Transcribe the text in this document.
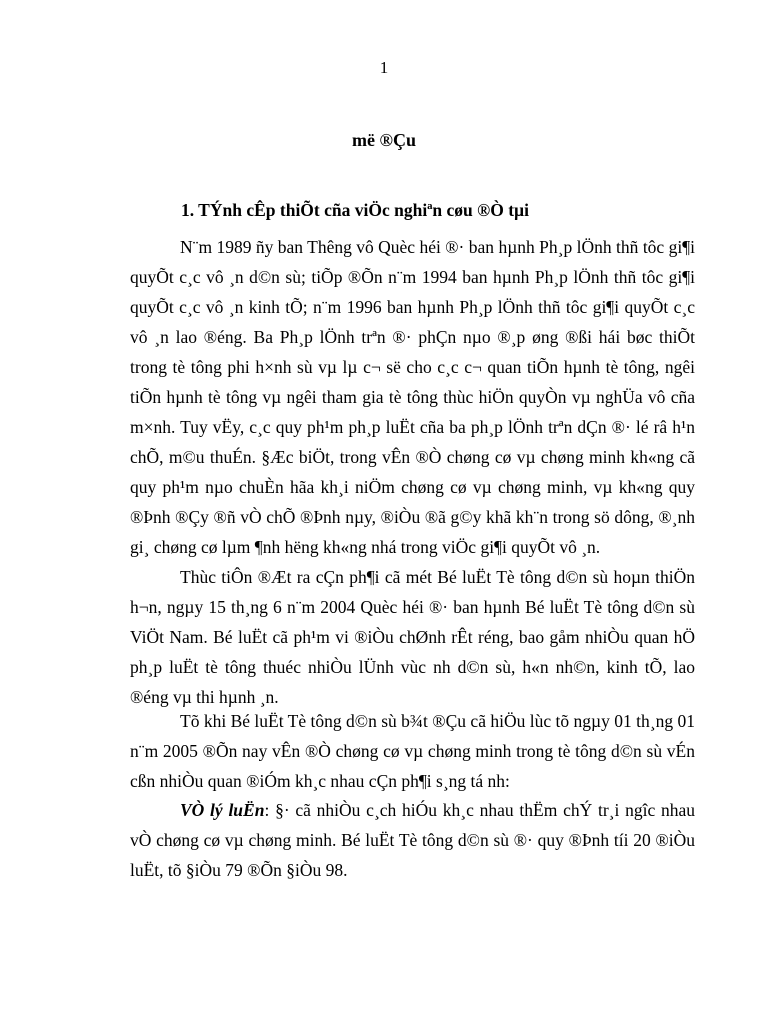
1
më ®Çu
1. TÝnh cÊp thiÕt cña viÖc nghiªn cøu ®Ò tµi

N¨m 1989 ñy ban Thêng vô Quèc héi ®· ban hµnh Ph¸p lÖnh thñ tôc gi¶i quyÕt c¸c vô ¸n d©n sù; tiÕp ®Õn n¨m 1994 ban hµnh Ph¸p lÖnh thñ tôc gi¶i quyÕt c¸c vô ¸n kinh tÕ; n¨m 1996 ban hµnh Ph¸p lÖnh thñ tôc gi¶i quyÕt c¸c vô ¸n lao ®éng. Ba Ph¸p lÖnh trªn ®· phÇn nµo ®¸p øng ®ßi hái bøc thiÕt trong tè tông phi h×nh sù vµ lµ c¬ së cho c¸c c¬ quan tiÕn hµnh tè tông, ngêi tiÕn hµnh tè tông vµ ngêi tham gia tè tông thùc hiÖn quyÒn vµ nghÜa vô cña m×nh. Tuy vËy, c¸c quy ph¹m ph¸p luËt cña ba ph¸p lÖnh trªn dÇn ®· lé râ h¹n chÕ, m©u thuÉn. §Æc biÖt, trong vÊn ®Ò chøng cø vµ chøng minh kh«ng cã quy ph¹m nµo chuÈn hãa kh¸i niÖm chøng cø vµ chøng minh, vµ kh«ng quy ®Þnh ®Çy ®ñ vÒ chÕ ®Þnh nµy, ®iÒu ®ã g©y khã kh¨n trong sö dông, ®¸nh gi¸ chøng cø lµm ¶nh hëng kh«ng nhá trong viÖc gi¶i quyÕt vô ¸n.

Thùc tiÔn ®Æt ra cÇn ph¶i cã mét Bé luËt Tè tông d©n sù hoµn thiÖn h¬n, ngµy 15 th¸ng 6 n¨m 2004 Quèc héi ®· ban hµnh Bé luËt Tè tông d©n sù ViÖt Nam. Bé luËt cã ph¹m vi ®iÒu chØnh rÊt réng, bao gåm nhiÒu quan hÖ ph¸p luËt tè tông thuéc nhiÒu lÜnh vùc nh d©n sù, h«n nh©n, kinh tÕ, lao ®éng vµ thi hµnh ¸n.

Tõ khi Bé luËt Tè tông d©n sù b¾t ®Çu cã hiÖu lùc tõ ngµy 01 th¸ng 01 n¨m 2005 ®Õn nay vÊn ®Ò chøng cø vµ chøng minh trong tè tông d©n sù vÉn cßn nhiÒu quan ®iÓm kh¸c nhau cÇn ph¶i s¸ng tá nh:

VÒ lý luËn: §· cã nhiÒu c¸ch hiÓu kh¸c nhau thËm chÝ tr¸i ngîc nhau vÒ chøng cø vµ chøng minh. Bé luËt Tè tông d©n sù ®· quy ®Þnh tíi 20 ®iÒu luËt, tõ §iÒu 79 ®Õn §iÒu 98.
